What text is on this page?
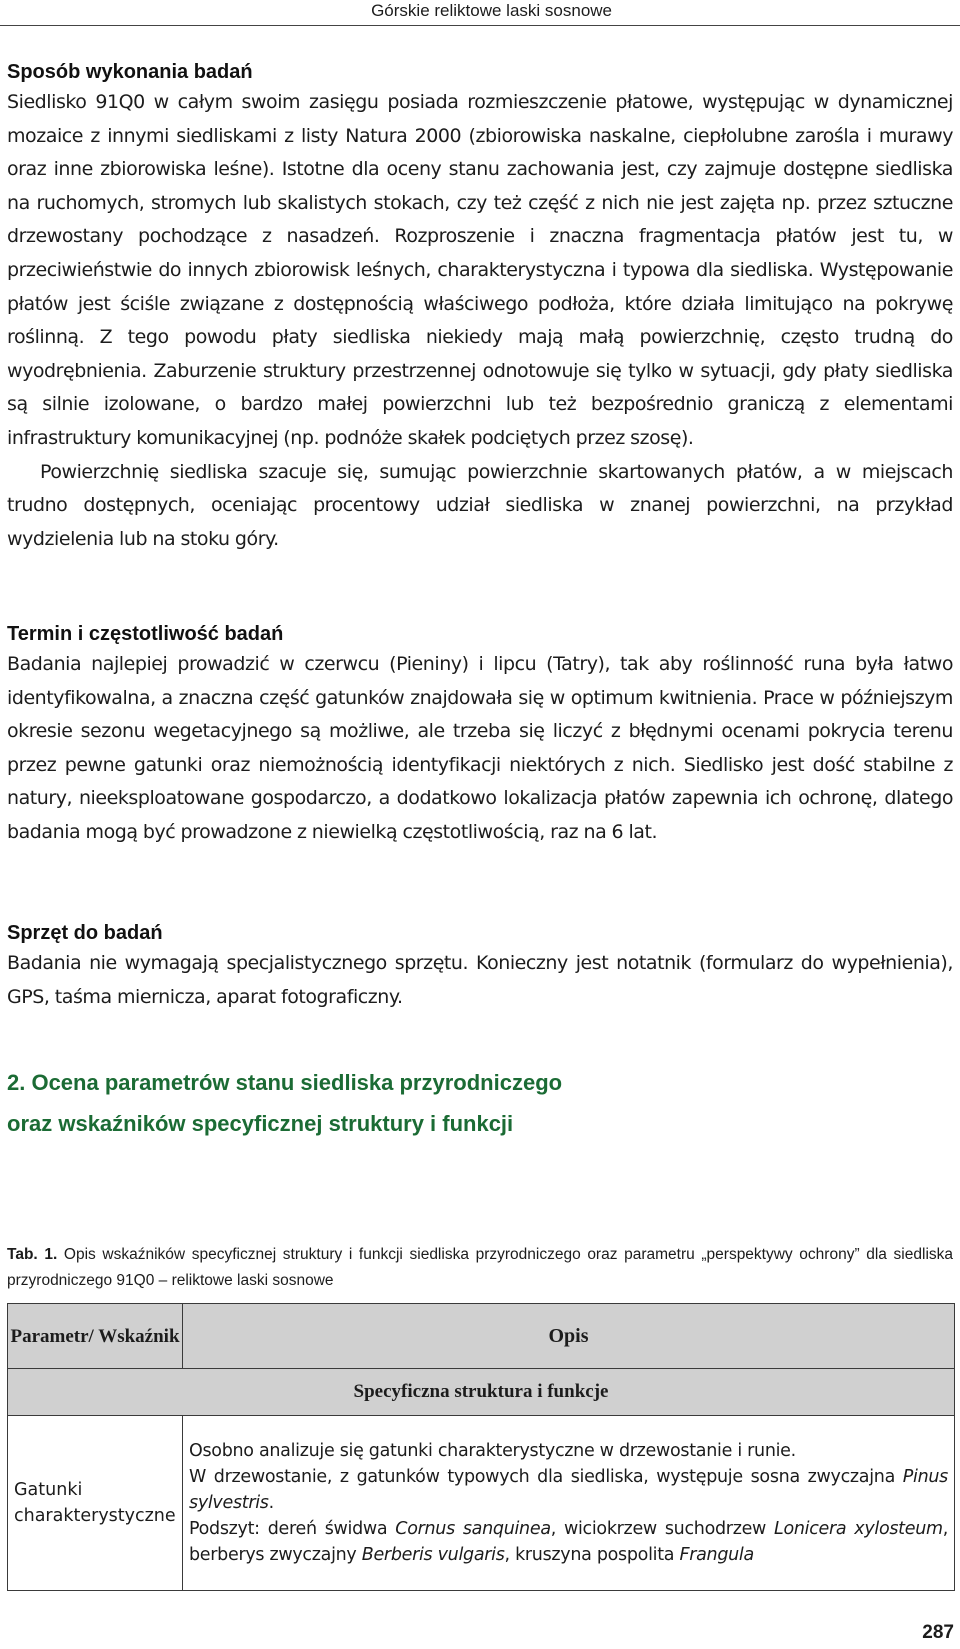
Górskie reliktowe laski sosnowe
Sposób wykonania badań

Siedlisko 91Q0 w całym swoim zasięgu posiada rozmieszczenie płatowe, występując w dynamicznej mozaice z innymi siedliskami z listy Natura 2000 (zbiorowiska naskalne, ciepłolubne zarośla i murawy oraz inne zbiorowiska leśne). Istotne dla oceny stanu zachowania jest, czy zajmuje dostępne siedliska na ruchomych, stromych lub skalistych stokach, czy też część z nich nie jest zajęta np. przez sztuczne drzewostany pochodzące z nasadzeń. Rozproszenie i znaczna fragmentacja płatów jest tu, w przeciwieństwie do innych zbiorowisk leśnych, charakterystyczna i typowa dla siedliska. Występowanie płatów jest ściśle związane z dostępnością właściwego podłoża, które działa limitująco na pokrywę roślinną. Z tego powodu płaty siedliska niekiedy mają małą powierzchnię, często trudną do wyodrębnienia. Zaburzenie struktury przestrzennej odnotowuje się tylko w sytuacji, gdy płaty siedliska są silnie izolowane, o bardzo małej powierzchni lub też bezpośrednio graniczą z elementami infrastruktury komunikacyjnej (np. podnóże skałek podciętych przez szosę).

Powierzchnię siedliska szacuje się, sumując powierzchnie skartowanych płatów, a w miejscach trudno dostępnych, oceniając procentowy udział siedliska w znanej powierzchni, na przykład wydzielenia lub na stoku góry.

Termin i częstotliwość badań

Badania najlepiej prowadzić w czerwcu (Pieniny) i lipcu (Tatry), tak aby roślinność runa była łatwo identyfikowalna, a znaczna część gatunków znajdowała się w optimum kwitnienia. Prace w późniejszym okresie sezonu wegetacyjnego są możliwe, ale trzeba się liczyć z błędnymi ocenami pokrycia terenu przez pewne gatunki oraz niemożnością identyfikacji niektórych z nich. Siedlisko jest dość stabilne z natury, nieeksploatowane gospodarczo, a dodatkowo lokalizacja płatów zapewnia ich ochronę, dlatego badania mogą być prowadzone z niewielką częstotliwością, raz na 6 lat.

Sprzęt do badań

Badania nie wymagają specjalistycznego sprzętu. Konieczny jest notatnik (formularz do wypełnienia), GPS, taśma miernicza, aparat fotograficzny.

2. Ocena parametrów stanu siedliska przyrodniczego
oraz wskaźników specyficznej struktury i funkcji
Tab. 1. Opis wskaźników specyficznej struktury i funkcji siedliska przyrodniczego oraz parametru „perspektywy ochrony” dla siedliska przyrodniczego 91Q0 – reliktowe laski sosnowe
Parametr/ Wskaźnik	Opis

Specyficzna struktura i funkcje	
Gatunki charakterystyczne	Osobno analizuje się gatunki charakterystyczne w drzewostanie i runie.
W drzewostanie, z gatunków typowych dla siedliska, występuje sosna zwyczajna Pinus sylvestris.
Podszyt: dereń świdwa Cornus sanquinea, wiciokrzew suchodrzew Lonicera xylosteum, berberys zwyczajny Berberis vulgaris, kruszyna pospolita Frangula
287
